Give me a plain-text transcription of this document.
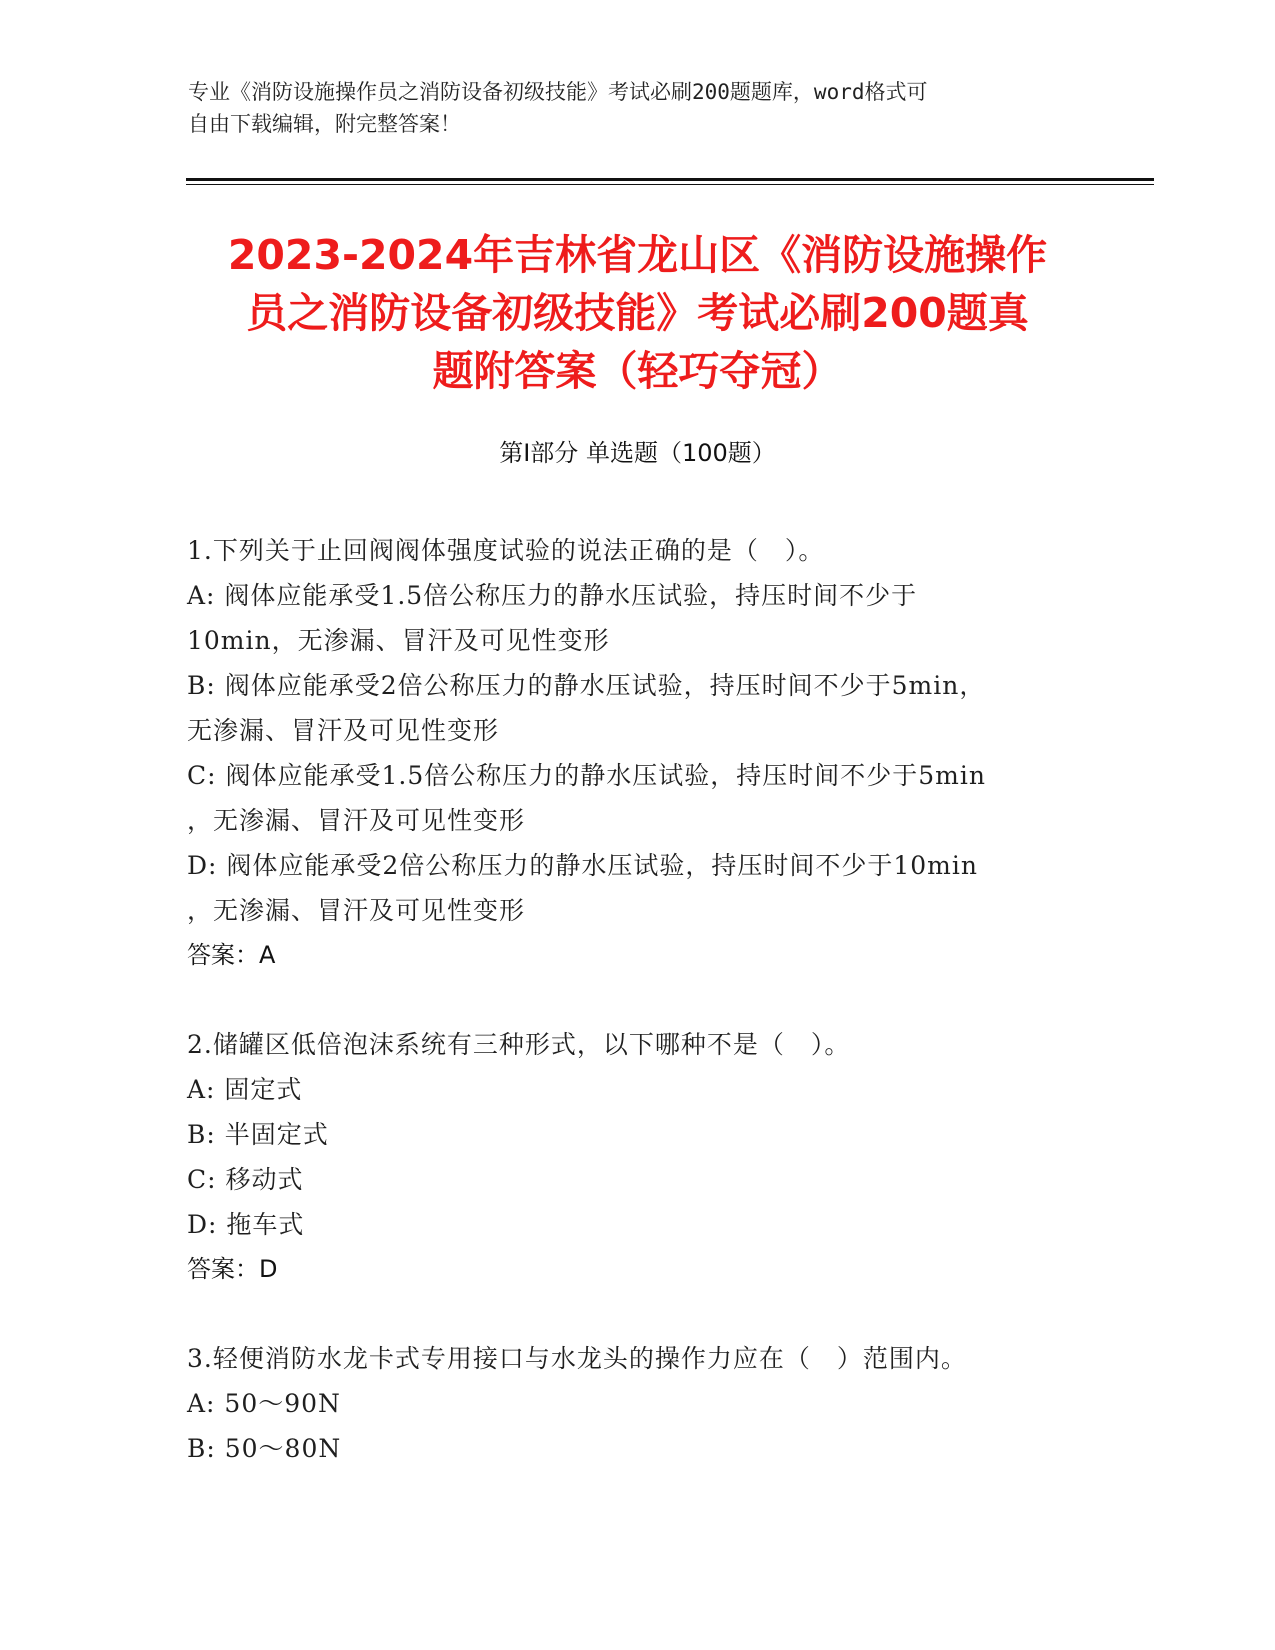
专业《消防设施操作员之消防设备初级技能》考试必刷200题题库，word格式可
自由下载编辑，附完整答案！
2023-2024年吉林省龙山区《消防设施操作
员之消防设备初级技能》考试必刷200题真
题附答案（轻巧夺冠）
第Ⅰ部分 单选题（100题）
1.下列关于止回阀阀体强度试验的说法正确的是（　）。
A: 阀体应能承受1.5倍公称压力的静水压试验，持压时间不少于
10min，无渗漏、冒汗及可见性变形
B: 阀体应能承受2倍公称压力的静水压试验，持压时间不少于5min，
无渗漏、冒汗及可见性变形
C: 阀体应能承受1.5倍公称压力的静水压试验，持压时间不少于5min
，无渗漏、冒汗及可见性变形
D: 阀体应能承受2倍公称压力的静水压试验，持压时间不少于10min
，无渗漏、冒汗及可见性变形
答案：A
2.储罐区低倍泡沫系统有三种形式，以下哪种不是（　）。
A: 固定式
B: 半固定式
C: 移动式
D: 拖车式
答案：D
3.轻便消防水龙卡式专用接口与水龙头的操作力应在（　）范围内。
A: 50～90N
B: 50～80N
